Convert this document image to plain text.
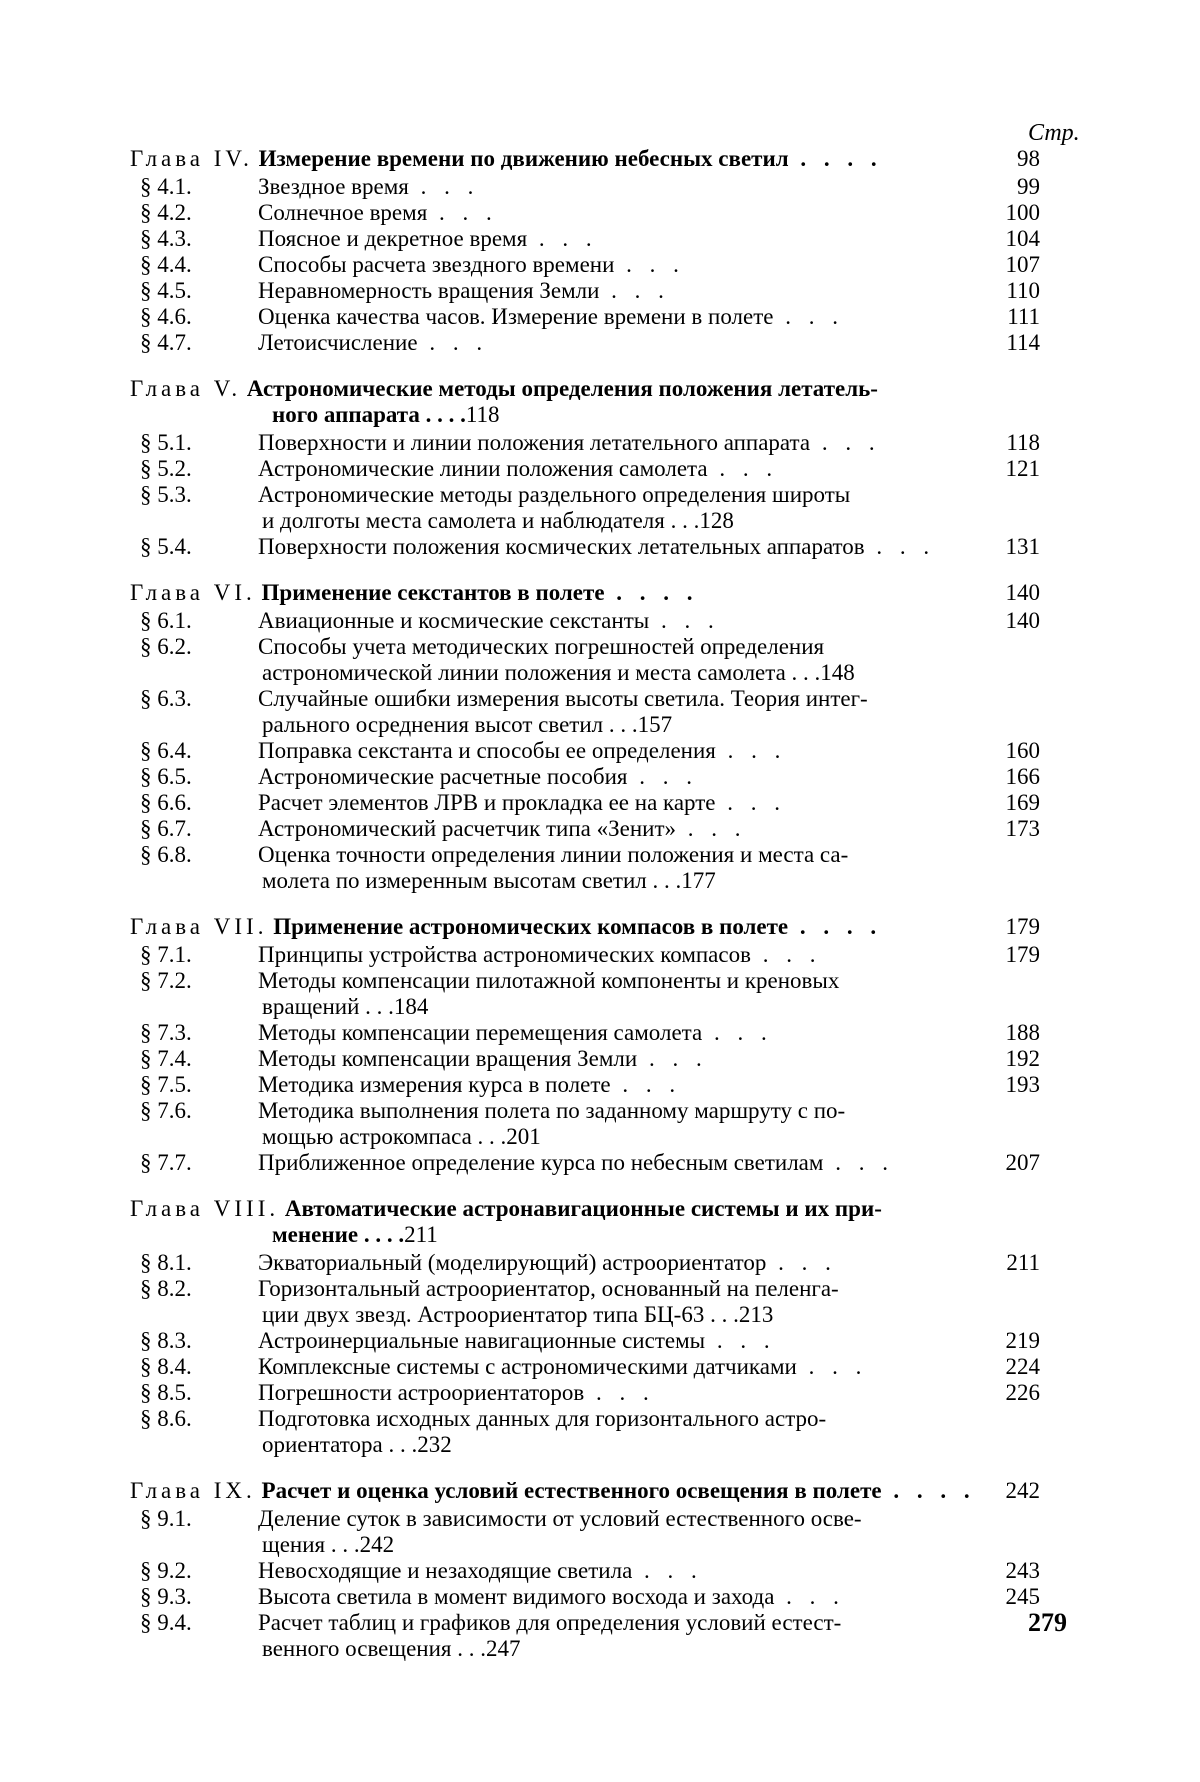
Стр.
Глава IV. Измерение времени по движению небесных светил . . . .	98
§ 4.1.	Звездное время . . .	99
§ 4.2.	Солнечное время . . .	100
§ 4.3.	Поясное и декретное время . . .	104
§ 4.4.	Способы расчета звездного времени . . .	107
§ 4.5.	Неравномерность вращения Земли . . .	110
§ 4.6.	Оценка качества часов. Измерение времени в полете . . .	111
§ 4.7.	Летоисчисление . . .	114
Глава V. Астрономические методы определения положения летатель-
ного аппарата . . . .118
§ 5.1.	Поверхности и линии положения летательного аппарата . . .	118
§ 5.2.	Астрономические линии положения самолета . . .	121
§ 5.3.	Астрономические методы раздельного определения широты
и долготы места самолета и наблюдателя . . .128
§ 5.4.	Поверхности положения космических летательных аппаратов . . .	131
Глава VI. Применение секстантов в полете . . . .	140
§ 6.1.	Авиационные и космические секстанты . . .	140
§ 6.2.	Способы учета методических погрешностей определения
астрономической линии положения и места самолета . . .148
§ 6.3.	Случайные ошибки измерения высоты светила. Теория интег-
рального осреднения высот светил . . .157
§ 6.4.	Поправка секстанта и способы ее определения . . .	160
§ 6.5.	Астрономические расчетные пособия . . .	166
§ 6.6.	Расчет элементов ЛРВ и прокладка ее на карте . . .	169
§ 6.7.	Астрономический расчетчик типа «Зенит» . . .	173
§ 6.8.	Оценка точности определения линии положения и места са-
молета по измеренным высотам светил . . .177
Глава VII. Применение астрономических компасов в полете . . . .	179
§ 7.1.	Принципы устройства астрономических компасов . . .	179
§ 7.2.	Методы компенсации пилотажной компоненты и креновых
вращений . . .184
§ 7.3.	Методы компенсации перемещения самолета . . .	188
§ 7.4.	Методы компенсации вращения Земли . . .	192
§ 7.5.	Методика измерения курса в полете . . .	193
§ 7.6.	Методика выполнения полета по заданному маршруту с по-
мощью астрокомпаса . . .201
§ 7.7.	Приближенное определение курса по небесным светилам . . .	207
Глава VIII. Автоматические астронавигационные системы и их при-
менение . . . .211
§ 8.1.	Экваториальный (моделирующий) астроориентатор . . .	211
§ 8.2.	Горизонтальный астроориентатор, основанный на пеленга-
ции двух звезд. Астроориентатор типа БЦ-63 . . .213
§ 8.3.	Астроинерциальные навигационные системы . . .	219
§ 8.4.	Комплексные системы с астрономическими датчиками . . .	224
§ 8.5.	Погрешности астроориентаторов . . .	226
§ 8.6.	Подготовка исходных данных для горизонтального астро-
ориентатора . . .232
Глава IX. Расчет и оценка условий естественного освещения в полете . . . . 242
§ 9.1.	Деление суток в зависимости от условий естественного осве-
щения . . .242
§ 9.2.	Невосходящие и незаходящие светила . . .	243
§ 9.3.	Высота светила в момент видимого восхода и захода . . .	245
§ 9.4.	Расчет таблиц и графиков для определения условий естест-
венного освещения . . .247
279
